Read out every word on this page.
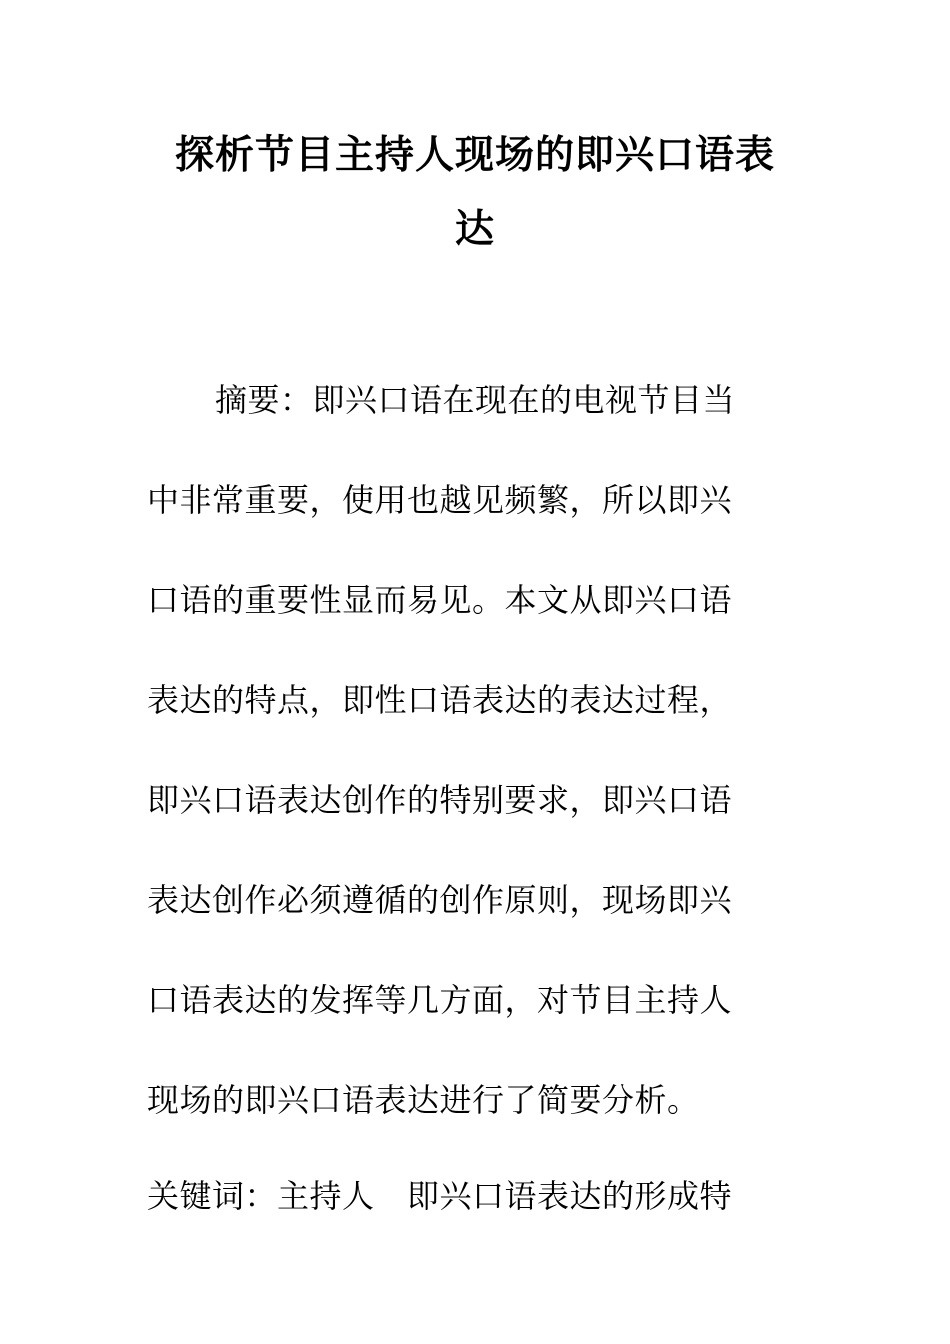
探析节目主持人现场的即兴口语表
达
摘要：即兴口语在现在的电视节目当
中非常重要，使用也越见频繁，所以即兴
口语的重要性显而易见。本文从即兴口语
表达的特点，即性口语表达的表达过程，
即兴口语表达创作的特别要求，即兴口语
表达创作必须遵循的创作原则，现场即兴
口语表达的发挥等几方面，对节目主持人
现场的即兴口语表达进行了简要分析。
关键词：主持人　即兴口语表达的形成特
